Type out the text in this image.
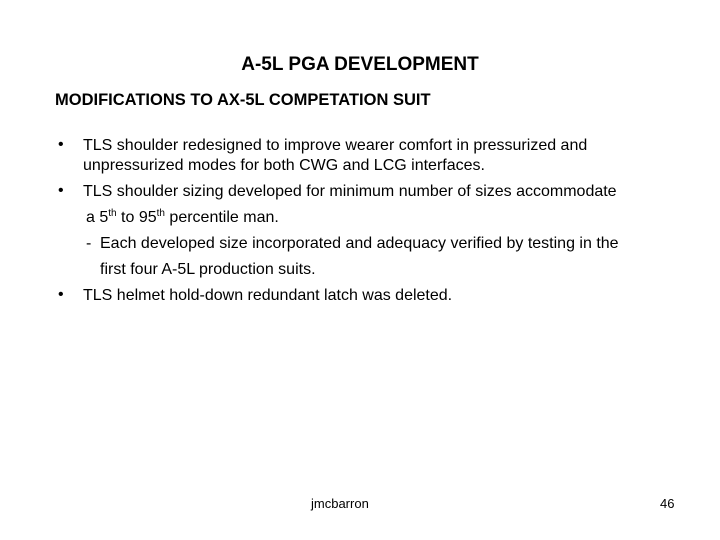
A-5L PGA DEVELOPMENT
MODIFICATIONS TO AX-5L COMPETATION SUIT
• TLS shoulder redesigned to improve wearer comfort in pressurized and
unpressurized modes for both CWG and LCG interfaces.
• TLS shoulder sizing developed for minimum number of sizes accommodate
a 5th to 95th percentile man.
- Each developed size incorporated and adequacy verified by testing in the
first four A-5L production suits.
• TLS helmet hold-down redundant latch was deleted.
jmcbarron	46
